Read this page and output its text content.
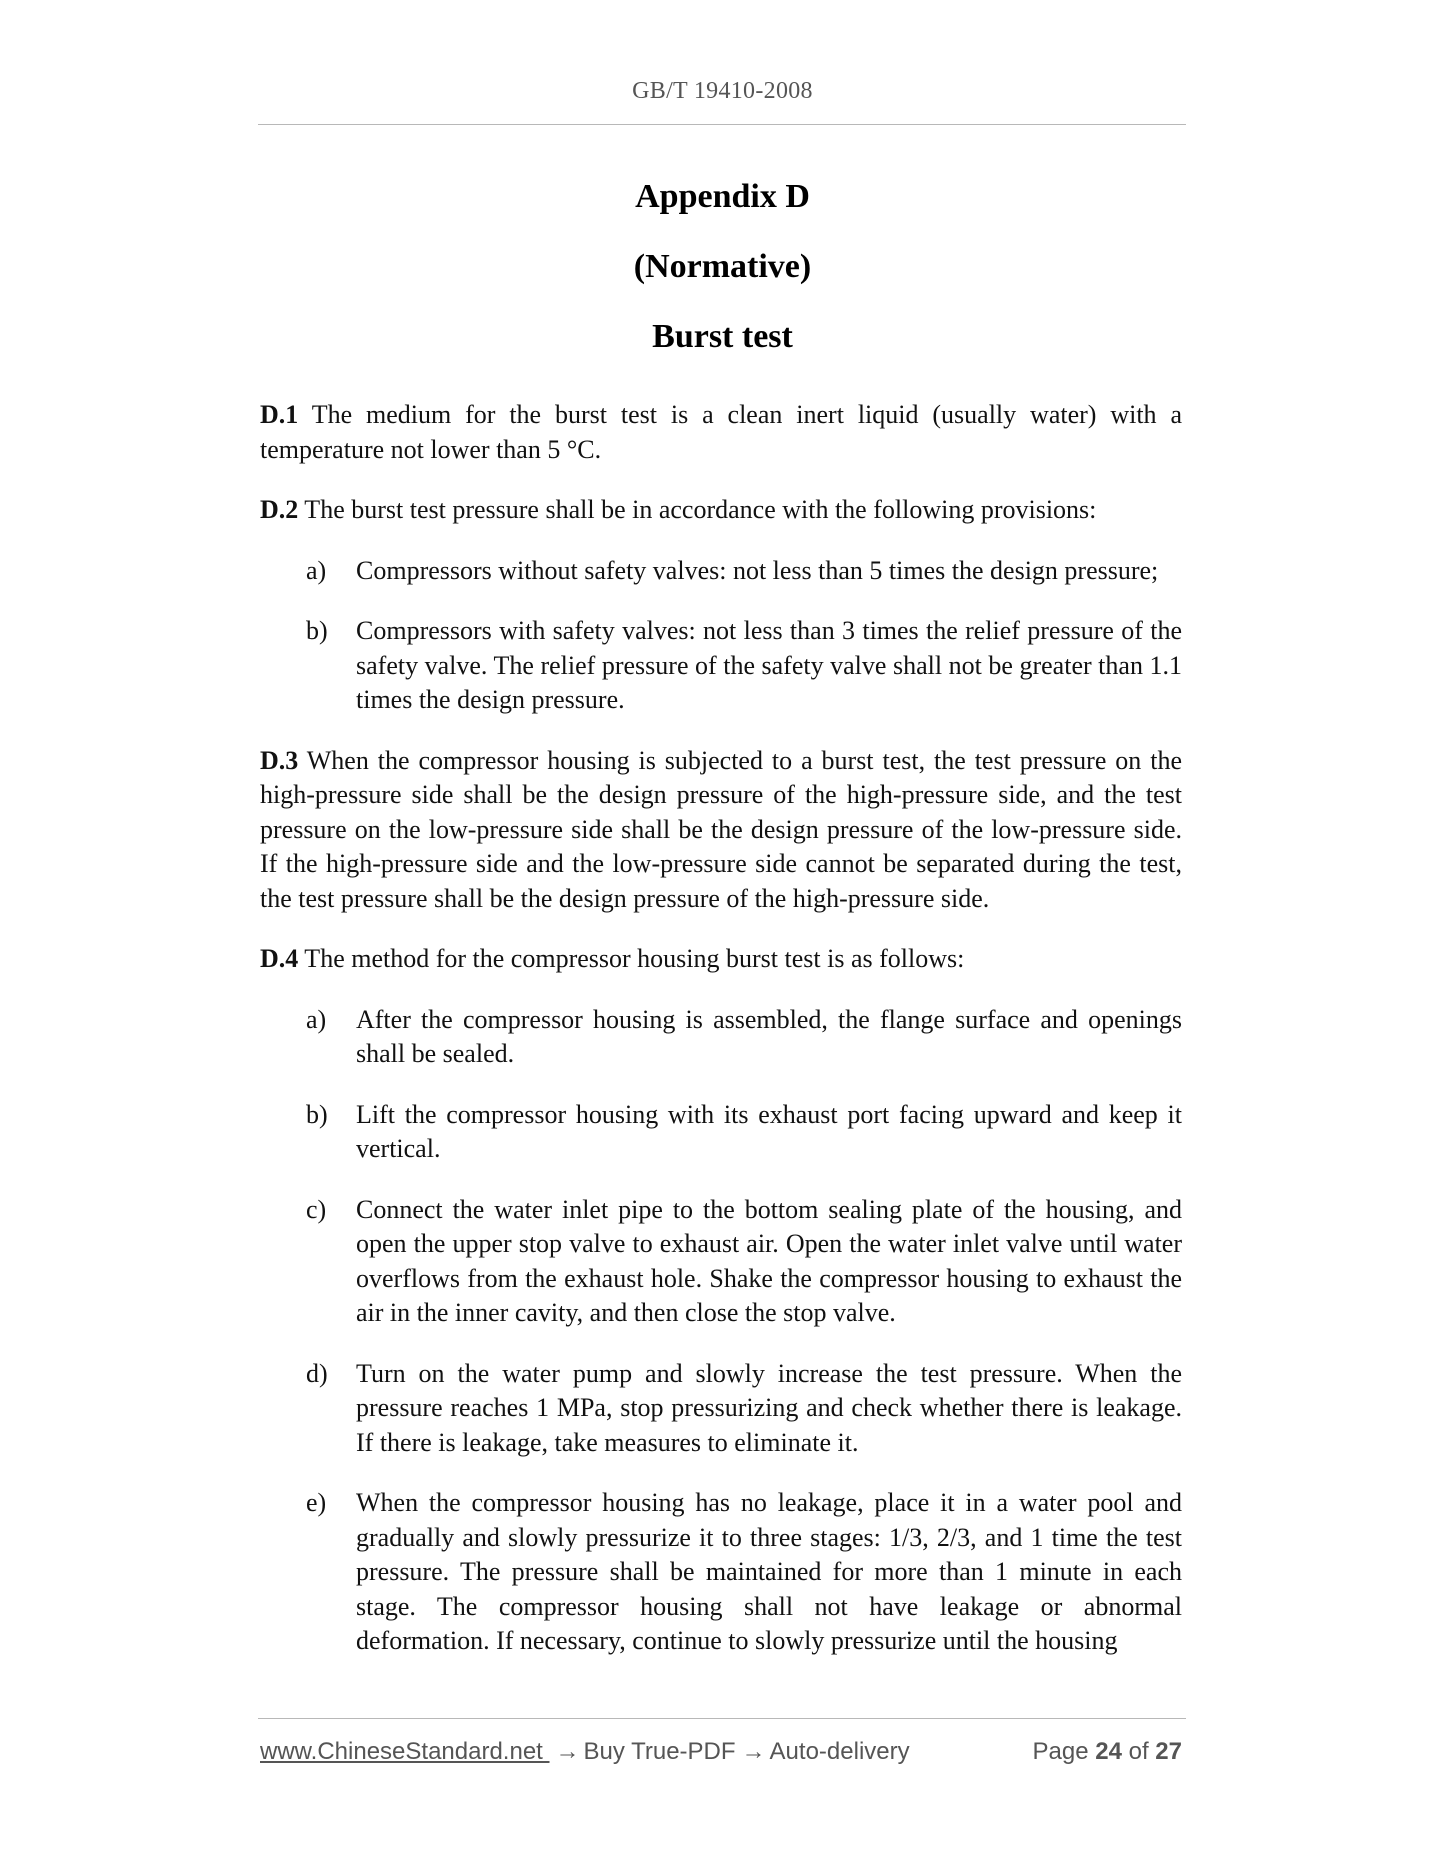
GB/T 19410-2008
Appendix D
(Normative)
Burst test

D.1 The medium for the burst test is a clean inert liquid (usually water) with a temperature not lower than 5 °C.

D.2 The burst test pressure shall be in accordance with the following provisions:

a)	Compressors without safety valves: not less than 5 times the design pressure;
b)	Compressors with safety valves: not less than 3 times the relief pressure of the safety valve. The relief pressure of the safety valve shall not be greater than 1.1 times the design pressure.

D.3 When the compressor housing is subjected to a burst test, the test pressure on the high-pressure side shall be the design pressure of the high-pressure side, and the test pressure on the low-pressure side shall be the design pressure of the low-pressure side. If the high-pressure side and the low-pressure side cannot be separated during the test, the test pressure shall be the design pressure of the high-pressure side.

D.4 The method for the compressor housing burst test is as follows:

a)	After the compressor housing is assembled, the flange surface and openings shall be sealed.
b)	Lift the compressor housing with its exhaust port facing upward and keep it vertical.
c)	Connect the water inlet pipe to the bottom sealing plate of the housing, and open the upper stop valve to exhaust air. Open the water inlet valve until water overflows from the exhaust hole. Shake the compressor housing to exhaust the air in the inner cavity, and then close the stop valve.
d)	Turn on the water pump and slowly increase the test pressure. When the pressure reaches 1 MPa, stop pressurizing and check whether there is leakage. If there is leakage, take measures to eliminate it.
e)	When the compressor housing has no leakage, place it in a water pool and gradually and slowly pressurize it to three stages: 1/3, 2/3, and 1 time the test pressure. The pressure shall be maintained for more than 1 minute in each stage. The compressor housing shall not have leakage or abnormal deformation. If necessary, continue to slowly pressurize until the housing
www.ChineseStandard.net → Buy True-PDF → Auto-delivery	Page 24 of 27
